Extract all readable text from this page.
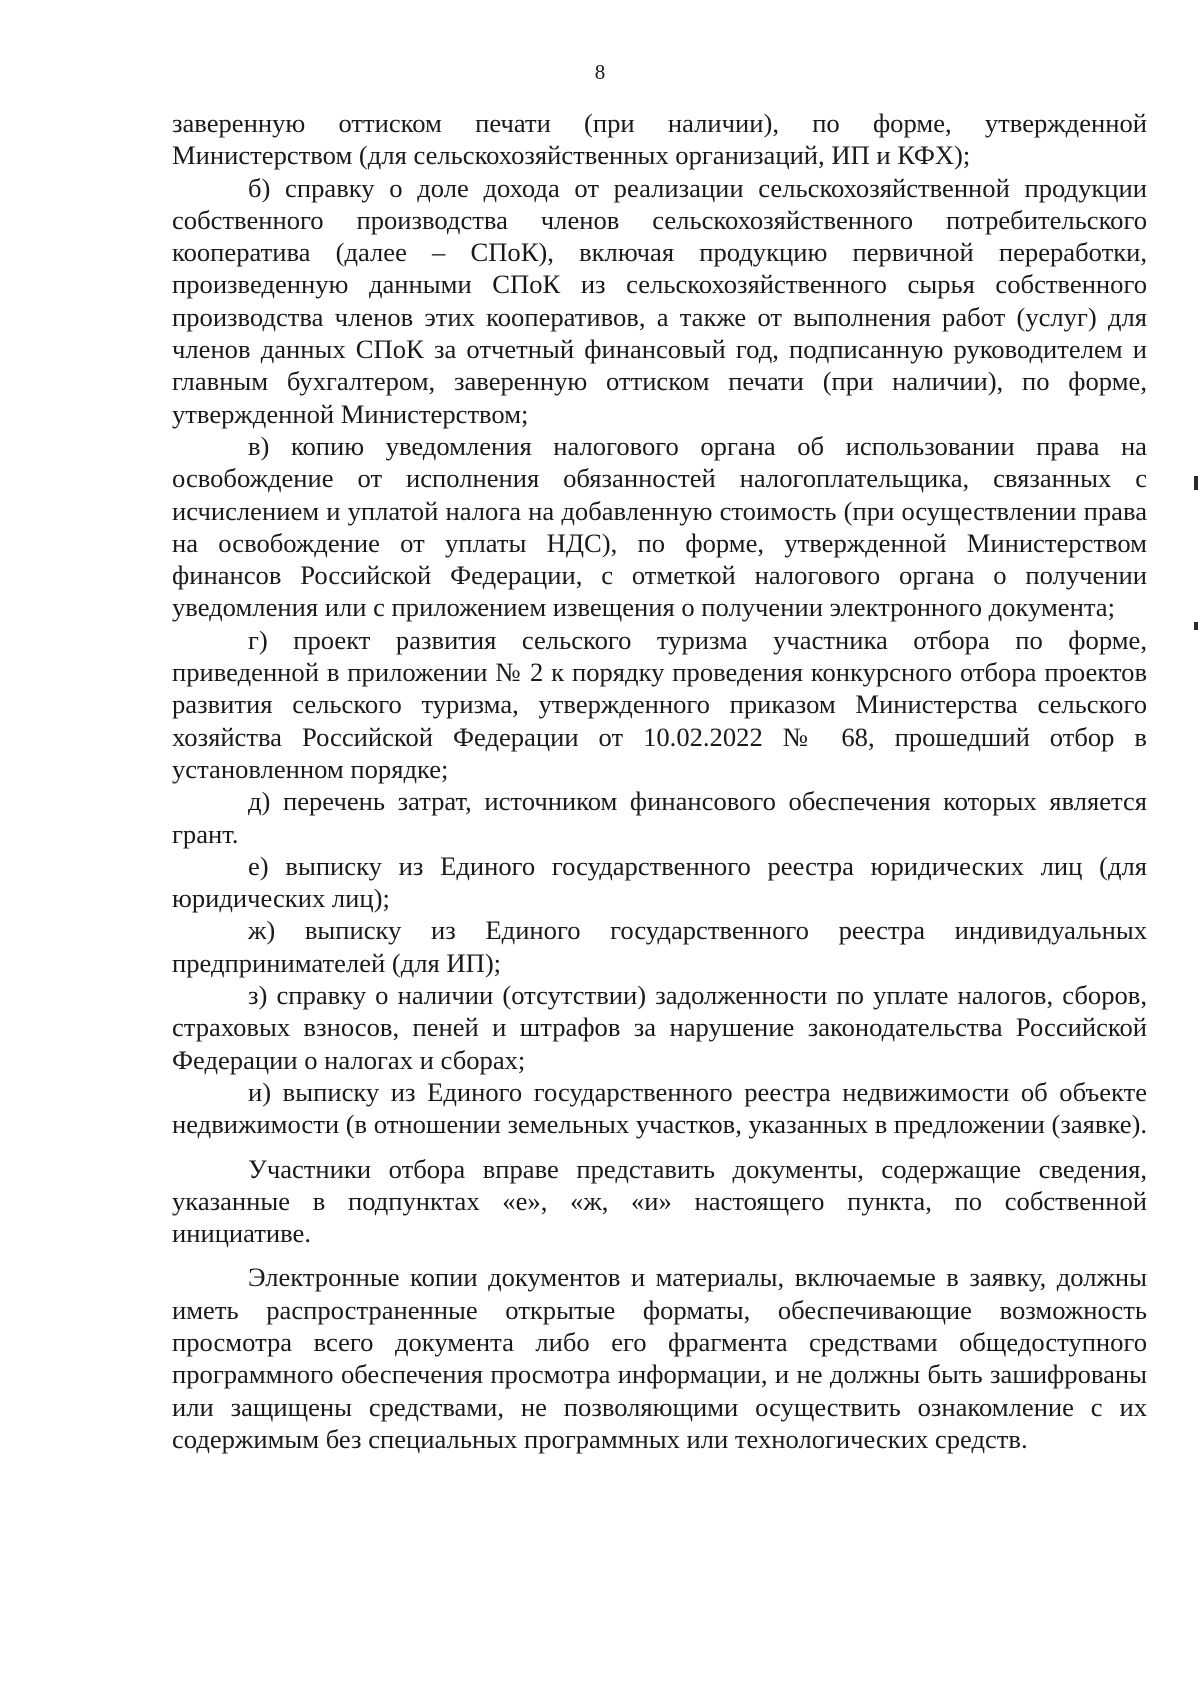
8

заверенную оттиском печати (при наличии), по форме, утвержденной Министерством (для сельскохозяйственных организаций, ИП и КФХ);

б) справку о доле дохода от реализации сельскохозяйственной продукции собственного производства членов сельскохозяйственного потребительского кооператива (далее – СПоК), включая продукцию первичной переработки, произведенную данными СПоК из сельскохозяйственного сырья собственного производства членов этих кооперативов, а также от выполнения работ (услуг) для членов данных СПоК за отчетный финансовый год, подписанную руководителем и главным бухгалтером, заверенную оттиском печати (при наличии), по форме, утвержденной Министерством;

в) копию уведомления налогового органа об использовании права на освобождение от исполнения обязанностей налогоплательщика, связанных с исчислением и уплатой налога на добавленную стоимость (при осуществлении права на освобождение от уплаты НДС), по форме, утвержденной Министерством финансов Российской Федерации, с отметкой налогового органа о получении уведомления или с приложением извещения о получении электронного документа;

г) проект развития сельского туризма участника отбора по форме, приведенной в приложении № 2 к порядку проведения конкурсного отбора проектов развития сельского туризма, утвержденного приказом Министерства сельского хозяйства Российской Федерации от 10.02.2022 № 68, прошедший отбор в установленном порядке;

д) перечень затрат, источником финансового обеспечения которых является грант.

е) выписку из Единого государственного реестра юридических лиц (для юридических лиц);

ж) выписку из Единого государственного реестра индивидуальных предпринимателей (для ИП);

з) справку о наличии (отсутствии) задолженности по уплате налогов, сборов, страховых взносов, пеней и штрафов за нарушение законодательства Российской Федерации о налогах и сборах;

и) выписку из Единого государственного реестра недвижимости об объекте недвижимости (в отношении земельных участков, указанных в предложении (заявке).

Участники отбора вправе представить документы, содержащие сведения, указанные в подпунктах «е», «ж, «и» настоящего пункта, по собственной инициативе.

Электронные копии документов и материалы, включаемые в заявку, должны иметь распространенные открытые форматы, обеспечивающие возможность просмотра всего документа либо его фрагмента средствами общедоступного программного обеспечения просмотра информации, и не должны быть зашифрованы или защищены средствами, не позволяющими осуществить ознакомление с их содержимым без специальных программных или технологических средств.
